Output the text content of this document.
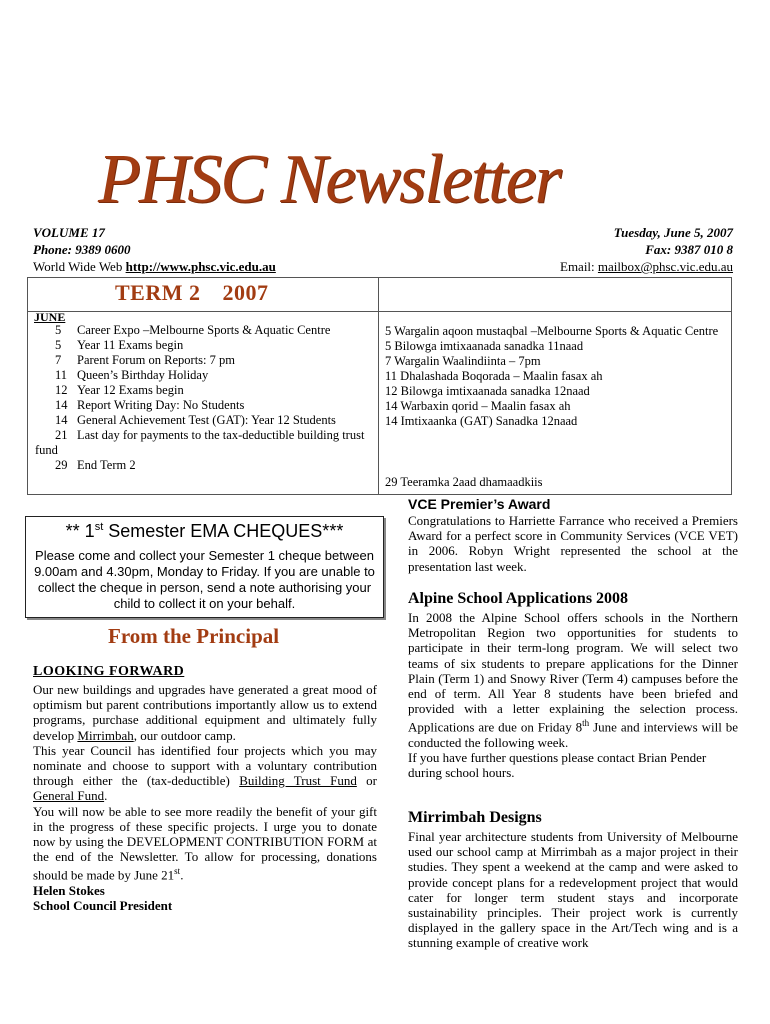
PHSC Newsletter
VOLUME 17
Phone: 9389 0600
World Wide Web http://www.phsc.vic.edu.au
Tuesday, June 5, 2007
Fax: 9387 010 8
Email: mailbox@phsc.vic.edu.au
TERM 2 2007
JUNE
5 Career Expo –Melbourne Sports & Aquatic Centre
5 Year 11 Exams begin
7 Parent Forum on Reports: 7 pm
11 Queen’s Birthday Holiday
12 Year 12 Exams begin
14 Report Writing Day: No Students
14 General Achievement Test (GAT): Year 12 Students
21 Last day for payments to the tax-deductible building trust fund
29 End Term 2
5 Wargalin aqoon mustaqbal –Melbourne Sports & Aquatic Centre
5 Bilowga imtixaanada sanadka 11naad
7 Wargalin Waalindiinta – 7pm
11 Dhalashada Boqorada – Maalin fasax ah
12 Bilowga imtixaanada sanadka 12naad
14 Warbaxin qorid – Maalin fasax ah
14 Imtixaanka (GAT) Sanadka 12naad
29 Teeramka 2aad dhamaadkiis
VCE Premier’s Award
Congratulations to Harriette Farrance who received a Premiers Award for a perfect score in Community Services (VCE VET) in 2006. Robyn Wright represented the school at the presentation last week.
** 1st Semester EMA CHEQUES***
Please come and collect your Semester 1 cheque between 9.00am and 4.30pm, Monday to Friday. If you are unable to collect the cheque in person, send a note authorising your child to collect it on your behalf.
From the Principal
LOOKING FORWARD
Our new buildings and upgrades have generated a great mood of optimism but parent contributions importantly allow us to extend programs, purchase additional equipment and ultimately fully develop Mirrimbah, our outdoor camp.
This year Council has identified four projects which you may nominate and choose to support with a voluntary contribution through either the (tax-deductible) Building Trust Fund or General Fund.
You will now be able to see more readily the benefit of your gift in the progress of these specific projects. I urge you to donate now by using the DEVELOPMENT CONTRIBUTION FORM at the end of the Newsletter. To allow for processing, donations should be made by June 21st.
Helen Stokes
School Council President
Alpine School Applications 2008
In 2008 the Alpine School offers schools in the Northern Metropolitan Region two opportunities for students to participate in their term-long program. We will select two teams of six students to prepare applications for the Dinner Plain (Term 1) and Snowy River (Term 4) campuses before the end of term. All Year 8 students have been briefed and provided with a letter explaining the selection process. Applications are due on Friday 8th June and interviews will be conducted the following week.
If you have further questions please contact Brian Pender during school hours.
Mirrimbah Designs
Final year architecture students from University of Melbourne used our school camp at Mirrimbah as a major project in their studies. They spent a weekend at the camp and were asked to provide concept plans for a redevelopment project that would cater for longer term student stays and incorporate sustainability principles. Their project work is currently displayed in the gallery space in the Art/Tech wing and is a stunning example of creative work
